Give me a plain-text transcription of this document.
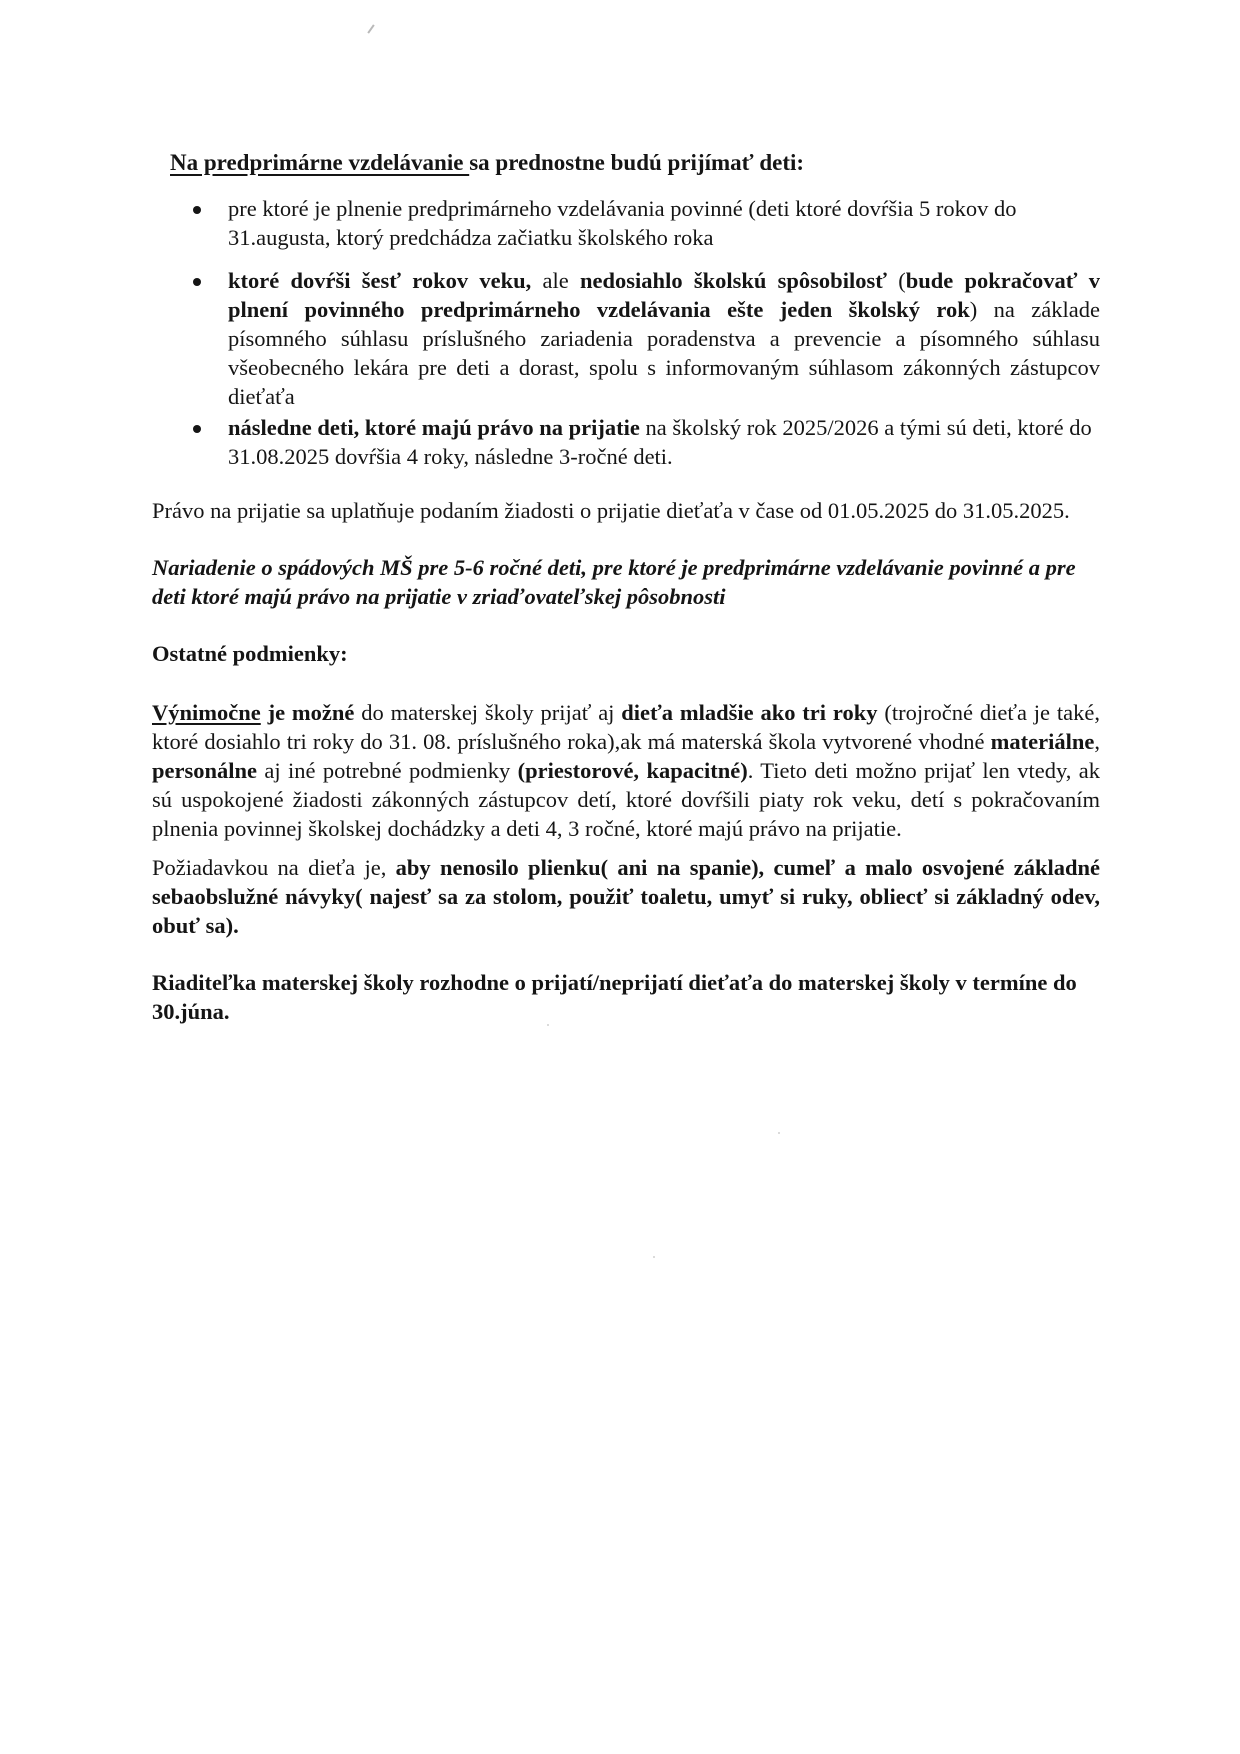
Na predprimárne vzdelávanie sa prednostne budú prijímať deti:

pre ktoré je plnenie predprimárneho vzdelávania povinné (deti ktoré dovŕšia 5 rokov do 31.augusta, ktorý predchádza začiatku školského roka
ktoré dovŕši šesť rokov veku, ale nedosiahlo školskú spôsobilosť (bude pokračovať v plnení povinného predprimárneho vzdelávania ešte jeden školský rok) na základe písomného súhlasu príslušného zariadenia poradenstva a prevencie a písomného súhlasu všeobecného lekára pre deti a dorast, spolu s informovaným súhlasom zákonných zástupcov dieťaťa
následne deti, ktoré majú právo na prijatie na školský rok 2025/2026 a tými sú deti, ktoré do 31.08.2025 dovŕšia 4 roky, následne 3-ročné deti.

Právo na prijatie sa uplatňuje podaním žiadosti o prijatie dieťaťa v čase od 01.05.2025 do 31.05.2025.

Nariadenie o spádových MŠ pre 5-6 ročné deti, pre ktoré je predprimárne vzdelávanie povinné a pre deti ktoré majú právo na prijatie v zriaďovateľskej pôsobnosti

Ostatné podmienky:

Výnimočne je možné do materskej školy prijať aj dieťa mladšie ako tri roky (trojročné dieťa je také, ktoré dosiahlo tri roky do 31. 08. príslušného roka),ak má materská škola vytvorené vhodné materiálne, personálne aj iné potrebné podmienky (priestorové, kapacitné). Tieto deti možno prijať len vtedy, ak sú uspokojené žiadosti zákonných zástupcov detí, ktoré dovŕšili piaty rok veku, detí s pokračovaním plnenia povinnej školskej dochádzky a deti 4, 3 ročné, ktoré majú právo na prijatie.

Požiadavkou na dieťa je, aby nenosilo plienku( ani na spanie), cumeľ a malo osvojené základné sebaobslužné návyky( najesť sa za stolom, použiť toaletu, umyť si ruky, obliecť si základný odev, obuť sa).

Riaditeľka materskej školy rozhodne o prijatí/neprijatí dieťaťa do materskej školy v termíne do 30.júna.
